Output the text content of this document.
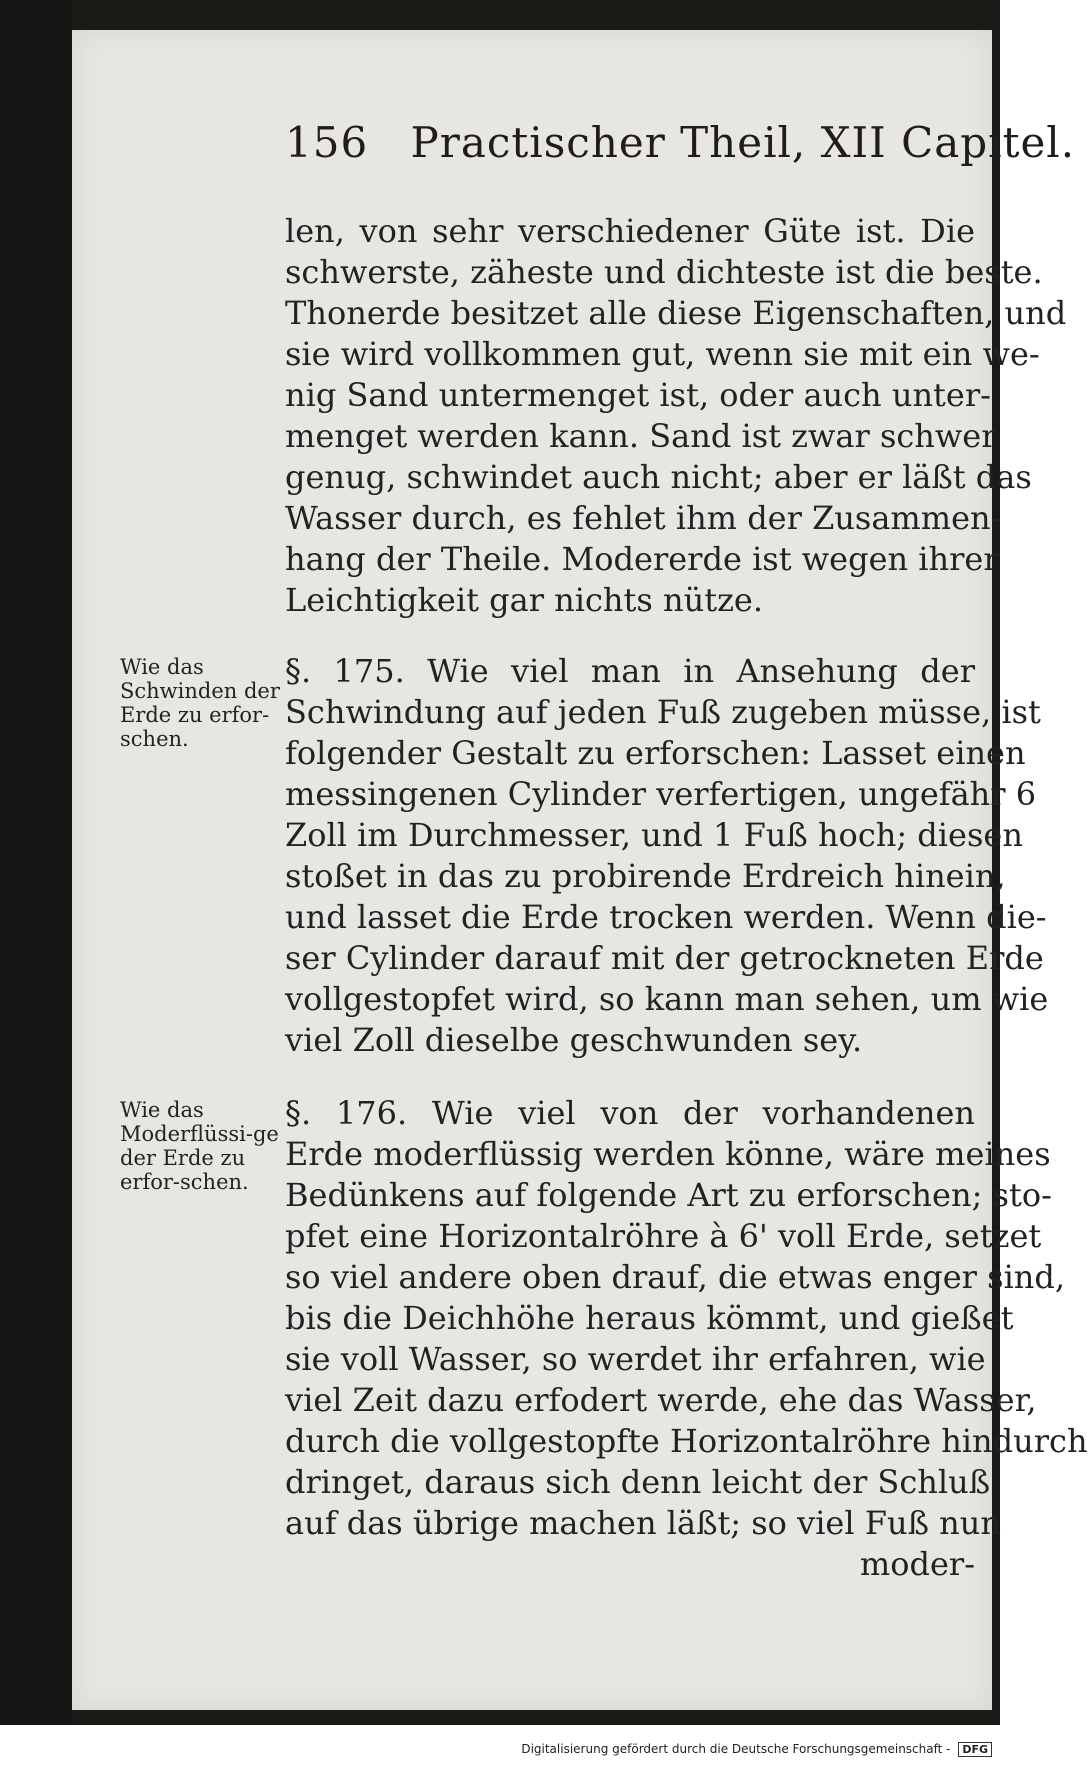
156 Practischer Theil, XII Capitel.
len, von sehr verschiedener Güte ist. Die
schwerste, zäheste und dichteste ist die beste.
Thonerde besitzet alle diese Eigenschaften, und
sie wird vollkommen gut, wenn sie mit ein we-
nig Sand untermenget ist, oder auch unter-
menget werden kann. Sand ist zwar schwer
genug, schwindet auch nicht; aber er läßt das
Wasser durch, es fehlet ihm der Zusammen-
hang der Theile. Modererde ist wegen ihrer
Leichtigkeit gar nichts nütze.
§. 175. Wie viel man in Ansehung der
Schwindung auf jeden Fuß zugeben müsse, ist
folgender Gestalt zu erforschen: Lasset einen
messingenen Cylinder verfertigen, ungefähr 6
Zoll im Durchmesser, und 1 Fuß hoch; diesen
stoßet in das zu probirende Erdreich hinein,
und lasset die Erde trocken werden. Wenn die-
ser Cylinder darauf mit der getrockneten Erde
vollgestopfet wird, so kann man sehen, um wie
viel Zoll dieselbe geschwunden sey.
§. 176. Wie viel von der vorhandenen
Erde moderflüssig werden könne, wäre meines
Bedünkens auf folgende Art zu erforschen; sto-
pfet eine Horizontalröhre à 6' voll Erde, setzet
so viel andere oben drauf, die etwas enger sind,
bis die Deichhöhe heraus kömmt, und gießet
sie voll Wasser, so werdet ihr erfahren, wie
viel Zeit dazu erfodert werde, ehe das Wasser,
durch die vollgestopfte Horizontalröhre hindurch
dringet, daraus sich denn leicht der Schluß
auf das übrige machen läßt; so viel Fuß nun
moder-
Wie das Schwinden der Erde zu erfor-schen.
Wie das Moderflüssi-ge der Erde zu erfor-schen.
Digitalisierung gefördert durch die Deutsche Forschungsgemeinschaft - DFG
